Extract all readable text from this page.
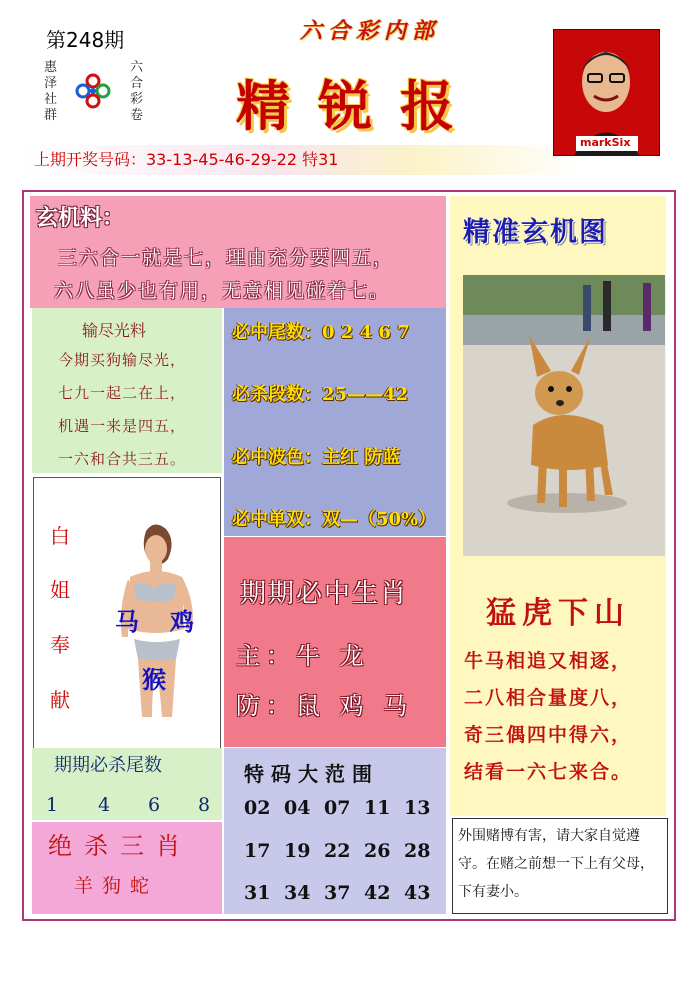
第248期	六合彩内部
精锐报
惠泽社群
六合彩卷
markSix
上期开奖号码：33-13-45-46-29-22 特31
玄机料：
三六合一就是七，理由充分要四五，
六八虽少也有用，无意相见碰着七。
输尽光料
今期买狗输尽光，
七九一起二在上，
机遇一来是四五，
一六和合共三五。
必中尾数：0 2 4 6 7
必杀段数：25——42
必中波色：主红 防蓝
必中单双：双—（50%）
白
姐
奉
献
马 鸡
猴
期期必中生肖
主：牛 龙
防：鼠 鸡 马
期期必杀尾数
1 4 6 8
绝杀三肖
羊狗蛇
特码大范围
02 04 07 11 13
17 19 22 26 28
31 34 37 42 43
精准玄机图
猛虎下山
牛马相追又相逐，
二八相合量度八，
奇三偶四中得六，
结看一六七来合。
外围赌博有害，请大家自觉遵守。在赌之前想一下上有父母，下有妻小。
